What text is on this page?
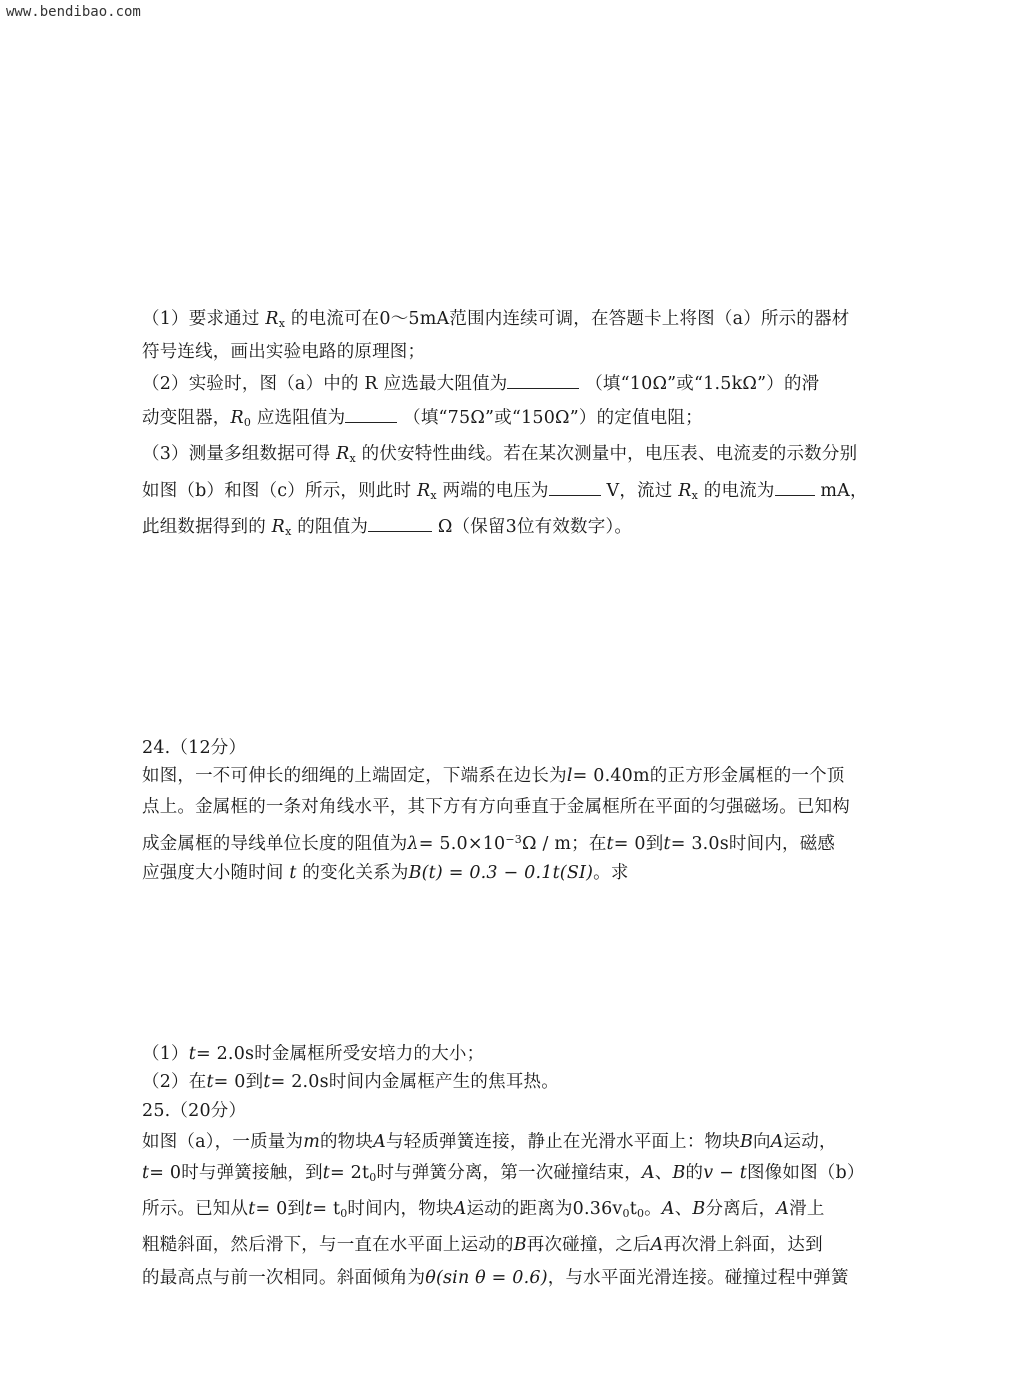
www.bendibao.com
（1）要求通过 $R_x$ 的电流可在0～5mA范围内连续可调，在答题卡上将图（a）所示的器材
符号连线，画出实验电路的原理图；
（2）实验时，图（a）中的 R 应选最大阻值为	（填“10Ω”或“1.5kΩ”）的滑
动变阻器，$R_0$ 应选阻值为	（填“75Ω”或“150Ω”）的定值电阻；
（3）测量多组数据可得 $R_x$ 的伏安特性曲线。若在某次测量中，电压表、电流麦的示数分别
如图（b）和图（c）所示，则此时 $R_x$ 两端的电压为	V，流过 $R_x$ 的电流为	mA，
此组数据得到的 $R_x$ 的阻值为	Ω（保留3位有效数字）。
24.（12分）
如图，一不可伸长的细绳的上端固定，下端系在边长为l= 0.40m的正方形金属框的一个顶
点上。金属框的一条对角线水平，其下方有方向垂直于金属框所在平面的匀强磁场。已知构
成金属框的导线单位长度的阻值为$\lambda= 5.0\times 10^{-3}\Omega / m$；在t= 0到t= 3.0s时间内，磁感
应强度大小随时间 t 的变化关系为B(t) = 0.3 − 0.1t(SI)。求
（1）t= 2.0s时金属框所受安培力的大小；
（2）在t= 0到t= 2.0s时间内金属框产生的焦耳热。
25.（20分）
如图（a），一质量为m的物块A与轻质弹簧连接，静止在光滑水平面上：物块B向A运动，
t= 0时与弹簧接触，到$t= 2t_0$时与弹簧分离，第一次碰撞结束，A、B的v − t图像如图（b）
所示。已知从t= 0到$t= t_0$时间内，物块A运动的距离为$0.36v_0t_0$。A、B分离后，A滑上
粗糙斜面，然后滑下，与一直在水平面上运动的B再次碰撞，之后A再次滑上斜面，达到
的最高点与前一次相同。斜面倾角为θ(sin θ = 0.6)，与水平面光滑连接。碰撞过程中弹簧
